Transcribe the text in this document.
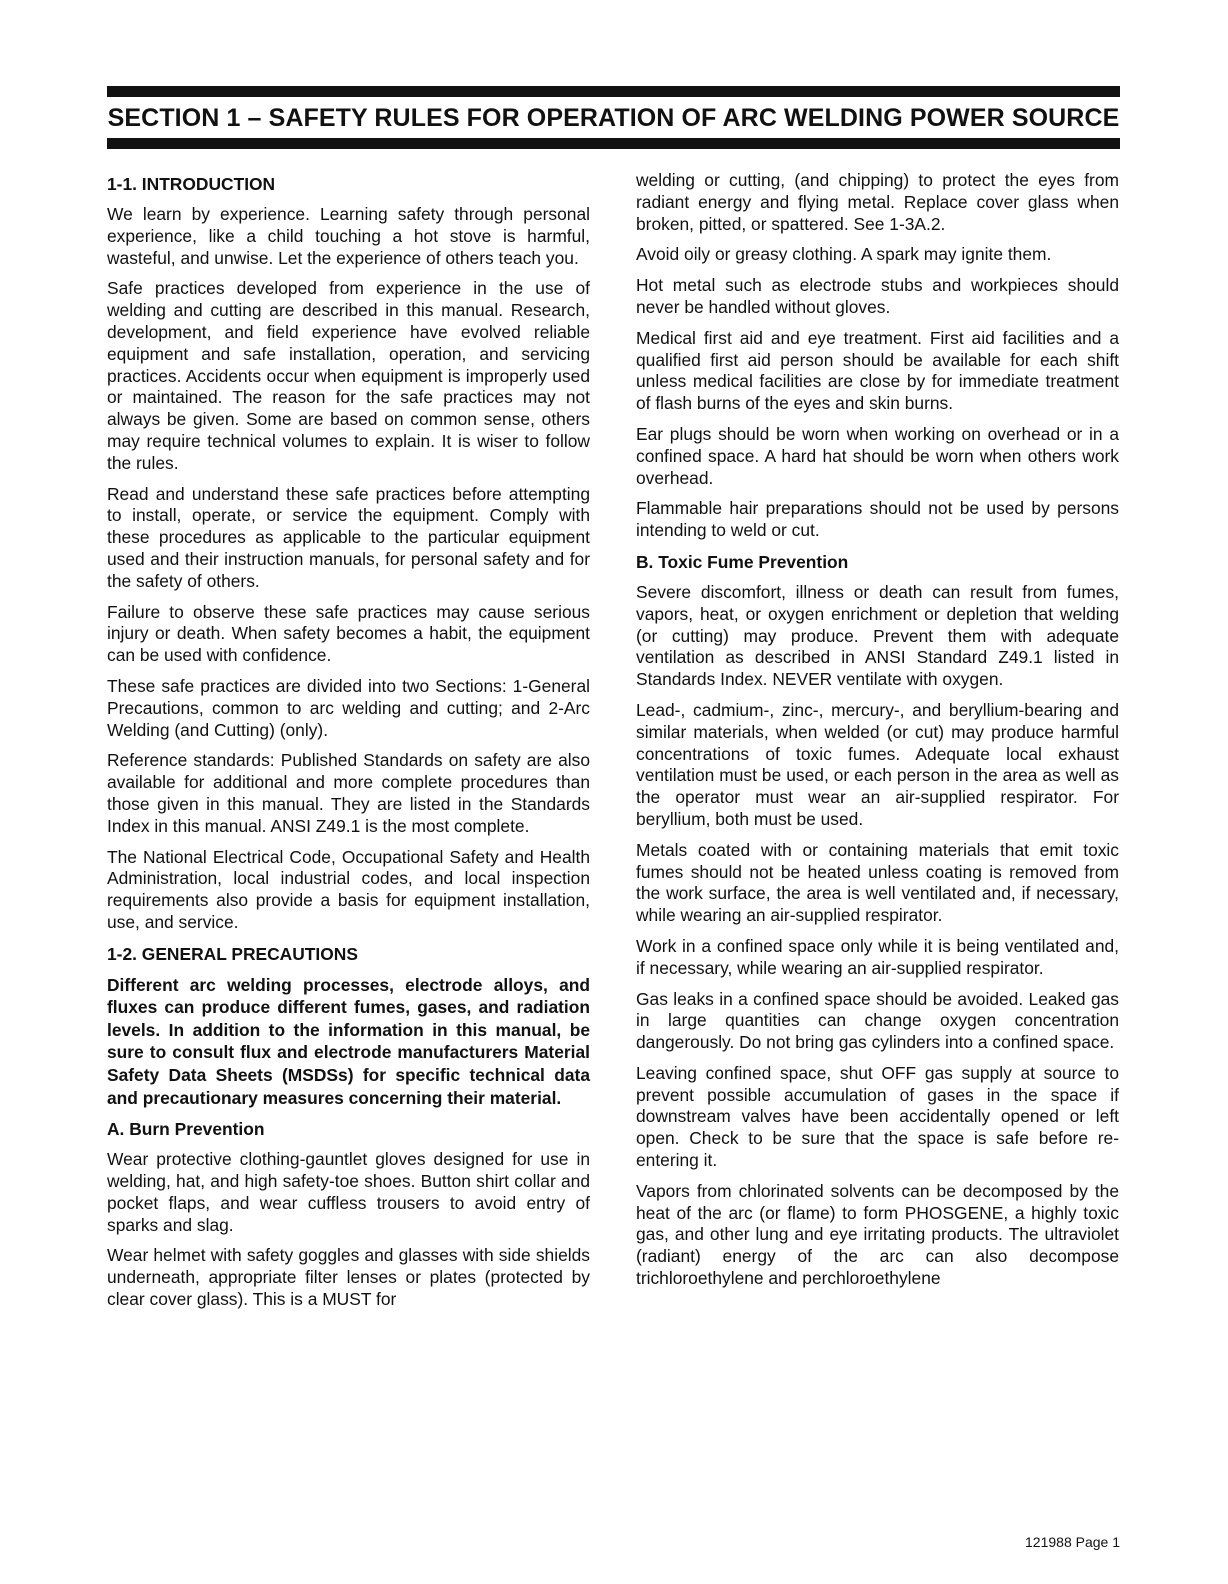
SECTION 1 – SAFETY RULES FOR OPERATION OF ARC WELDING POWER SOURCE
1-1. INTRODUCTION

We learn by experience. Learning safety through personal experience, like a child touching a hot stove is harmful, wasteful, and unwise. Let the experience of others teach you.

Safe practices developed from experience in the use of welding and cutting are described in this manual. Research, development, and field experience have evolved reliable equipment and safe installation, operation, and servicing practices. Accidents occur when equipment is improperly used or maintained. The reason for the safe practices may not always be given. Some are based on common sense, others may require technical volumes to explain. It is wiser to follow the rules.

Read and understand these safe practices before attempting to install, operate, or service the equipment. Comply with these procedures as applicable to the particular equipment used and their instruction manuals, for personal safety and for the safety of others.

Failure to observe these safe practices may cause serious injury or death. When safety becomes a habit, the equipment can be used with confidence.

These safe practices are divided into two Sections: 1-General Precautions, common to arc welding and cutting; and 2-Arc Welding (and Cutting) (only).

Reference standards: Published Standards on safety are also available for additional and more complete procedures than those given in this manual. They are listed in the Standards Index in this manual. ANSI Z49.1 is the most complete.

The National Electrical Code, Occupational Safety and Health Administration, local industrial codes, and local inspection requirements also provide a basis for equipment installation, use, and service.

1-2. GENERAL PRECAUTIONS

Different arc welding processes, electrode alloys, and fluxes can produce different fumes, gases, and radiation levels. In addition to the information in this manual, be sure to consult flux and electrode manufacturers Material Safety Data Sheets (MSDSs) for specific technical data and precautionary measures concerning their material.

A. Burn Prevention

Wear protective clothing-gauntlet gloves designed for use in welding, hat, and high safety-toe shoes. Button shirt collar and pocket flaps, and wear cuffless trousers to avoid entry of sparks and slag.

Wear helmet with safety goggles and glasses with side shields underneath, appropriate filter lenses or plates (protected by clear cover glass). This is a MUST for

welding or cutting, (and chipping) to protect the eyes from radiant energy and flying metal. Replace cover glass when broken, pitted, or spattered. See 1-3A.2.

Avoid oily or greasy clothing. A spark may ignite them.

Hot metal such as electrode stubs and workpieces should never be handled without gloves.

Medical first aid and eye treatment. First aid facilities and a qualified first aid person should be available for each shift unless medical facilities are close by for immediate treatment of flash burns of the eyes and skin burns.

Ear plugs should be worn when working on overhead or in a confined space. A hard hat should be worn when others work overhead.

Flammable hair preparations should not be used by persons intending to weld or cut.

B. Toxic Fume Prevention

Severe discomfort, illness or death can result from fumes, vapors, heat, or oxygen enrichment or depletion that welding (or cutting) may produce. Prevent them with adequate ventilation as described in ANSI Standard Z49.1 listed in Standards Index. NEVER ventilate with oxygen.

Lead-, cadmium-, zinc-, mercury-, and beryllium-bearing and similar materials, when welded (or cut) may produce harmful concentrations of toxic fumes. Adequate local exhaust ventilation must be used, or each person in the area as well as the operator must wear an air-supplied respirator. For beryllium, both must be used.

Metals coated with or containing materials that emit toxic fumes should not be heated unless coating is removed from the work surface, the area is well ventilated and, if necessary, while wearing an air-supplied respirator.

Work in a confined space only while it is being ventilated and, if necessary, while wearing an air-supplied respirator.

Gas leaks in a confined space should be avoided. Leaked gas in large quantities can change oxygen concentration dangerously. Do not bring gas cylinders into a confined space.

Leaving confined space, shut OFF gas supply at source to prevent possible accumulation of gases in the space if downstream valves have been accidentally opened or left open. Check to be sure that the space is safe before re-entering it.

Vapors from chlorinated solvents can be decomposed by the heat of the arc (or flame) to form PHOSGENE, a highly toxic gas, and other lung and eye irritating products. The ultraviolet (radiant) energy of the arc can also decompose trichloroethylene and perchloroethylene

121988 Page 1
